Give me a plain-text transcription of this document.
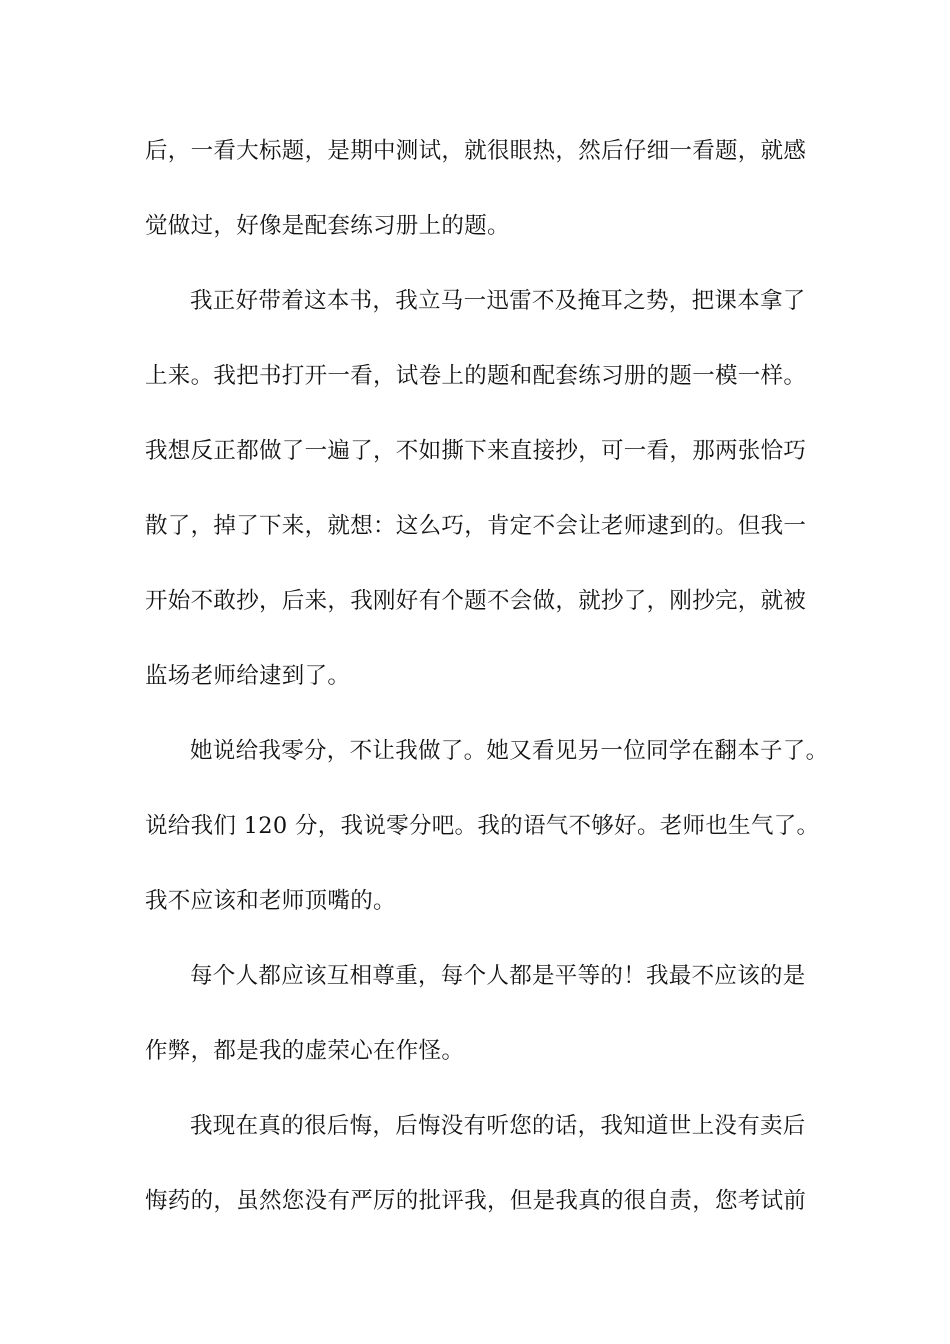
后，一看大标题，是期中测试，就很眼热，然后仔细一看题，就感
觉做过，好像是配套练习册上的题。
我正好带着这本书，我立马一迅雷不及掩耳之势，把课本拿了
上来。我把书打开一看，试卷上的题和配套练习册的题一模一样。
我想反正都做了一遍了，不如撕下来直接抄，可一看，那两张恰巧
散了，掉了下来，就想：这么巧，肯定不会让老师逮到的。但我一
开始不敢抄，后来，我刚好有个题不会做，就抄了，刚抄完，就被
监场老师给逮到了。
她说给我零分，不让我做了。她又看见另一位同学在翻本子了。
说给我们 120 分，我说零分吧。我的语气不够好。老师也生气了。
我不应该和老师顶嘴的。
每个人都应该互相尊重，每个人都是平等的！我最不应该的是
作弊，都是我的虚荣心在作怪。
我现在真的很后悔，后悔没有听您的话，我知道世上没有卖后
悔药的，虽然您没有严厉的批评我，但是我真的很自责，您考试前
